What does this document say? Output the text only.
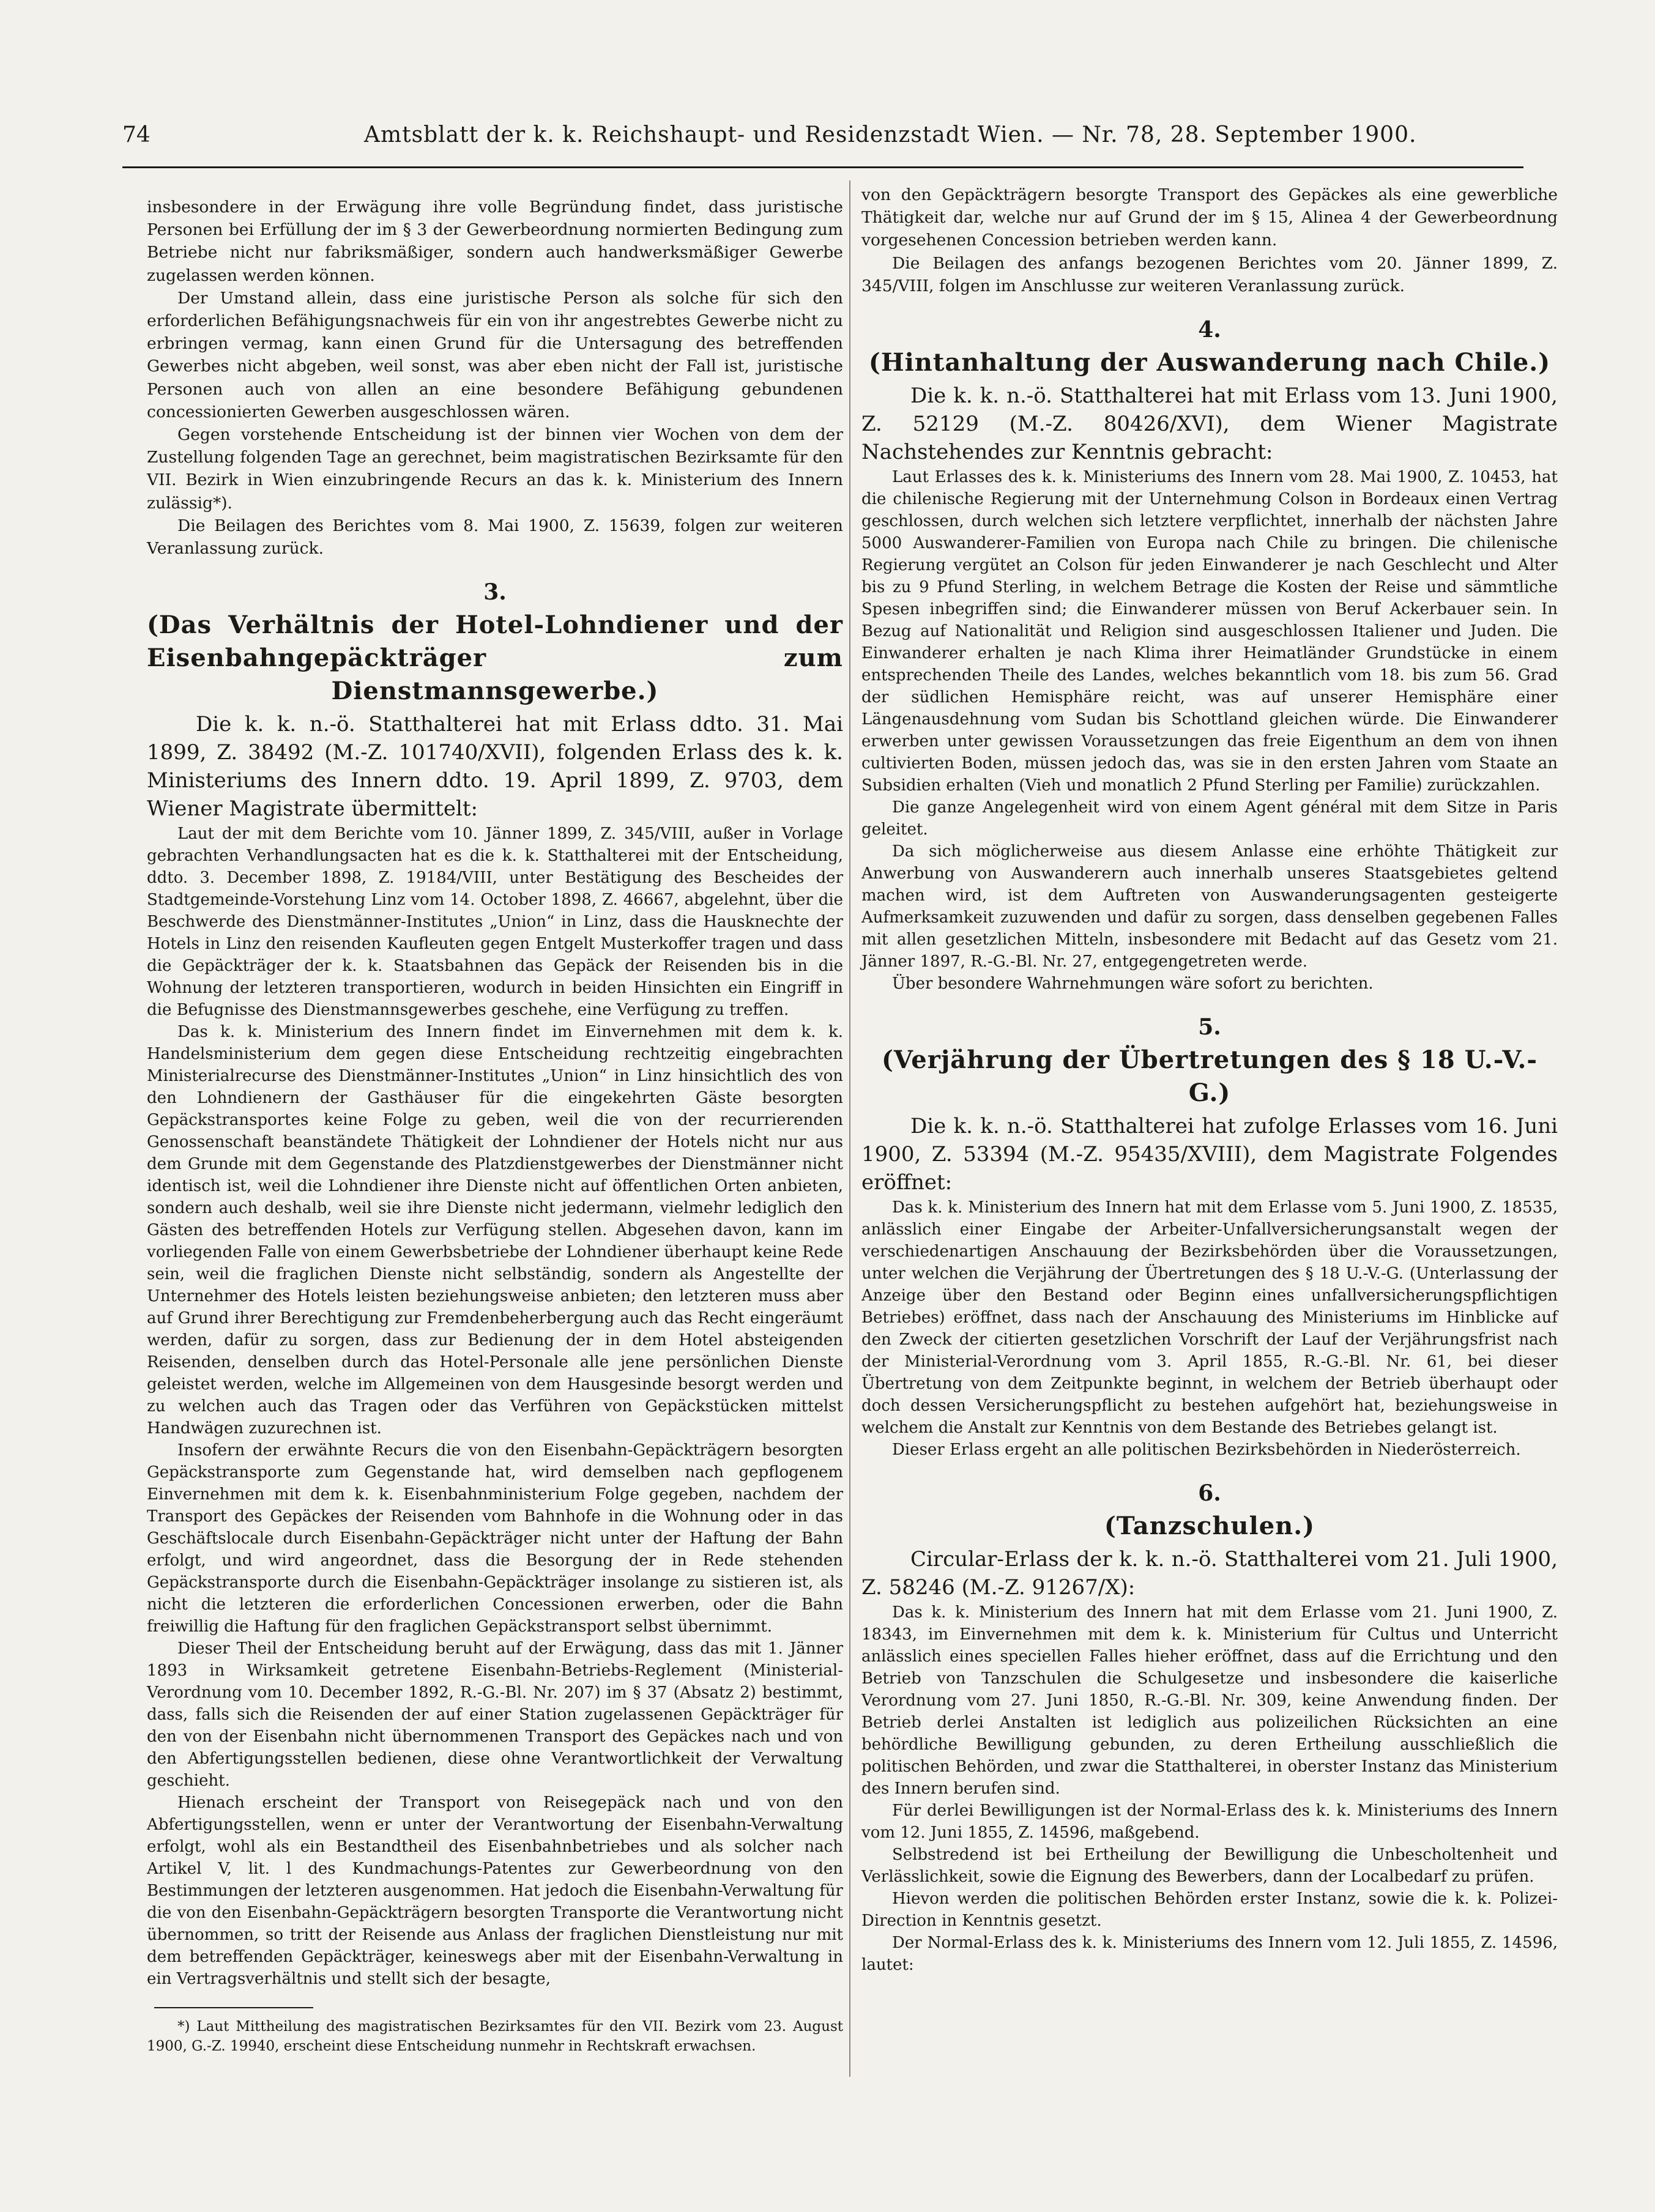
74	Amtsblatt der k. k. Reichshaupt- und Residenzstadt Wien. — Nr. 78, 28. September 1900.

insbesondere in der Erwägung ihre volle Begründung findet, dass juristische Personen bei Erfüllung der im § 3 der Gewerbeordnung normierten Bedingung zum Betriebe nicht nur fabriksmäßiger, sondern auch handwerksmäßiger Gewerbe zugelassen werden können.

Der Umstand allein, dass eine juristische Person als solche für sich den erforderlichen Befähigungsnachweis für ein von ihr angestrebtes Gewerbe nicht zu erbringen vermag, kann einen Grund für die Untersagung des betreffenden Gewerbes nicht abgeben, weil sonst, was aber eben nicht der Fall ist, juristische Personen auch von allen an eine besondere Befähigung gebundenen concessionierten Gewerben ausgeschlossen wären.

Gegen vorstehende Entscheidung ist der binnen vier Wochen von dem der Zustellung folgenden Tage an gerechnet, beim magistratischen Bezirksamte für den VII. Bezirk in Wien einzubringende Recurs an das k. k. Ministerium des Innern zulässig*).

Die Beilagen des Berichtes vom 8. Mai 1900, Z. 15639, folgen zur weiteren Veranlassung zurück.

3.
(Das Verhältnis der Hotel-Lohndiener und der Eisenbahngepäckträger zum Dienstmannsgewerbe.)

Die k. k. n.-ö. Statthalterei hat mit Erlass ddto. 31. Mai 1899, Z. 38492 (M.-Z. 101740/XVII), folgenden Erlass des k. k. Ministeriums des Innern ddto. 19. April 1899, Z. 9703, dem Wiener Magistrate übermittelt:

Laut der mit dem Berichte vom 10. Jänner 1899, Z. 345/VIII, außer in Vorlage gebrachten Verhandlungsacten hat es die k. k. Statthalterei mit der Entscheidung, ddto. 3. December 1898, Z. 19184/VIII, unter Bestätigung des Bescheides der Stadtgemeinde-Vorstehung Linz vom 14. October 1898, Z. 46667, abgelehnt, über die Beschwerde des Dienstmänner-Institutes „Union“ in Linz, dass die Hausknechte der Hotels in Linz den reisenden Kaufleuten gegen Entgelt Musterkoffer tragen und dass die Gepäckträger der k. k. Staatsbahnen das Gepäck der Reisenden bis in die Wohnung der letzteren transportieren, wodurch in beiden Hinsichten ein Eingriff in die Befugnisse des Dienstmannsgewerbes geschehe, eine Verfügung zu treffen.

Das k. k. Ministerium des Innern findet im Einvernehmen mit dem k. k. Handelsministerium dem gegen diese Entscheidung rechtzeitig eingebrachten Ministerialrecurse des Dienstmänner-Institutes „Union“ in Linz hinsichtlich des von den Lohndienern der Gasthäuser für die eingekehrten Gäste besorgten Gepäckstransportes keine Folge zu geben, weil die von der recurrierenden Genossenschaft beanständete Thätigkeit der Lohndiener der Hotels nicht nur aus dem Grunde mit dem Gegenstande des Platzdienstgewerbes der Dienstmänner nicht identisch ist, weil die Lohndiener ihre Dienste nicht auf öffentlichen Orten anbieten, sondern auch deshalb, weil sie ihre Dienste nicht jedermann, vielmehr lediglich den Gästen des betreffenden Hotels zur Verfügung stellen. Abgesehen davon, kann im vorliegenden Falle von einem Gewerbsbetriebe der Lohndiener überhaupt keine Rede sein, weil die fraglichen Dienste nicht selbständig, sondern als Angestellte der Unternehmer des Hotels leisten beziehungsweise anbieten; den letzteren muss aber auf Grund ihrer Berechtigung zur Fremdenbeherbergung auch das Recht eingeräumt werden, dafür zu sorgen, dass zur Bedienung der in dem Hotel absteigenden Reisenden, denselben durch das Hotel-Personale alle jene persönlichen Dienste geleistet werden, welche im Allgemeinen von dem Hausgesinde besorgt werden und zu welchen auch das Tragen oder das Verführen von Gepäckstücken mittelst Handwägen zuzurechnen ist.

Insofern der erwähnte Recurs die von den Eisenbahn-Gepäckträgern besorgten Gepäckstransporte zum Gegenstande hat, wird demselben nach gepflogenem Einvernehmen mit dem k. k. Eisenbahnministerium Folge gegeben, nachdem der Transport des Gepäckes der Reisenden vom Bahnhofe in die Wohnung oder in das Geschäftslocale durch Eisenbahn-Gepäckträger nicht unter der Haftung der Bahn erfolgt, und wird angeordnet, dass die Besorgung der in Rede stehenden Gepäckstransporte durch die Eisenbahn-Gepäckträger insolange zu sistieren ist, als nicht die letzteren die erforderlichen Concessionen erwerben, oder die Bahn freiwillig die Haftung für den fraglichen Gepäckstransport selbst übernimmt.

Dieser Theil der Entscheidung beruht auf der Erwägung, dass das mit 1. Jänner 1893 in Wirksamkeit getretene Eisenbahn-Betriebs-Reglement (Ministerial-Verordnung vom 10. December 1892, R.-G.-Bl. Nr. 207) im § 37 (Absatz 2) bestimmt, dass, falls sich die Reisenden der auf einer Station zugelassenen Gepäckträger für den von der Eisenbahn nicht übernommenen Transport des Gepäckes nach und von den Abfertigungsstellen bedienen, diese ohne Verantwortlichkeit der Verwaltung geschieht.

Hienach erscheint der Transport von Reisegepäck nach und von den Abfertigungsstellen, wenn er unter der Verantwortung der Eisenbahn-Verwaltung erfolgt, wohl als ein Bestandtheil des Eisenbahnbetriebes und als solcher nach Artikel V, lit. l des Kundmachungs-Patentes zur Gewerbeordnung von den Bestimmungen der letzteren ausgenommen. Hat jedoch die Eisenbahn-Verwaltung für die von den Eisenbahn-Gepäckträgern besorgten Transporte die Verantwortung nicht übernommen, so tritt der Reisende aus Anlass der fraglichen Dienstleistung nur mit dem betreffenden Gepäckträger, keineswegs aber mit der Eisenbahn-Verwaltung in ein Vertragsverhältnis und stellt sich der besagte,

*) Laut Mittheilung des magistratischen Bezirksamtes für den VII. Bezirk vom 23. August 1900, G.-Z. 19940, erscheint diese Entscheidung nunmehr in Rechtskraft erwachsen.

von den Gepäckträgern besorgte Transport des Gepäckes als eine gewerbliche Thätigkeit dar, welche nur auf Grund der im § 15, Alinea 4 der Gewerbeordnung vorgesehenen Concession betrieben werden kann.

Die Beilagen des anfangs bezogenen Berichtes vom 20. Jänner 1899, Z. 345/VIII, folgen im Anschlusse zur weiteren Veranlassung zurück.

4.
(Hintanhaltung der Auswanderung nach Chile.)

Die k. k. n.-ö. Statthalterei hat mit Erlass vom 13. Juni 1900, Z. 52129 (M.-Z. 80426/XVI), dem Wiener Magistrate Nachstehendes zur Kenntnis gebracht:

Laut Erlasses des k. k. Ministeriums des Innern vom 28. Mai 1900, Z. 10453, hat die chilenische Regierung mit der Unternehmung Colson in Bordeaux einen Vertrag geschlossen, durch welchen sich letztere verpflichtet, innerhalb der nächsten Jahre 5000 Auswanderer-Familien von Europa nach Chile zu bringen. Die chilenische Regierung vergütet an Colson für jeden Einwanderer je nach Geschlecht und Alter bis zu 9 Pfund Sterling, in welchem Betrage die Kosten der Reise und sämmtliche Spesen inbegriffen sind; die Einwanderer müssen von Beruf Ackerbauer sein. In Bezug auf Nationalität und Religion sind ausgeschlossen Italiener und Juden. Die Einwanderer erhalten je nach Klima ihrer Heimatländer Grundstücke in einem entsprechenden Theile des Landes, welches bekanntlich vom 18. bis zum 56. Grad der südlichen Hemisphäre reicht, was auf unserer Hemisphäre einer Längenausdehnung vom Sudan bis Schottland gleichen würde. Die Einwanderer erwerben unter gewissen Voraussetzungen das freie Eigenthum an dem von ihnen cultivierten Boden, müssen jedoch das, was sie in den ersten Jahren vom Staate an Subsidien erhalten (Vieh und monatlich 2 Pfund Sterling per Familie) zurückzahlen.

Die ganze Angelegenheit wird von einem Agent général mit dem Sitze in Paris geleitet.

Da sich möglicherweise aus diesem Anlasse eine erhöhte Thätigkeit zur Anwerbung von Auswanderern auch innerhalb unseres Staatsgebietes geltend machen wird, ist dem Auftreten von Auswanderungsagenten gesteigerte Aufmerksamkeit zuzuwenden und dafür zu sorgen, dass denselben gegebenen Falles mit allen gesetzlichen Mitteln, insbesondere mit Bedacht auf das Gesetz vom 21. Jänner 1897, R.-G.-Bl. Nr. 27, entgegengetreten werde.

Über besondere Wahrnehmungen wäre sofort zu berichten.

5.
(Verjährung der Übertretungen des § 18 U.-V.-G.)

Die k. k. n.-ö. Statthalterei hat zufolge Erlasses vom 16. Juni 1900, Z. 53394 (M.-Z. 95435/XVIII), dem Magistrate Folgendes eröffnet:

Das k. k. Ministerium des Innern hat mit dem Erlasse vom 5. Juni 1900, Z. 18535, anlässlich einer Eingabe der Arbeiter-Unfallversicherungsanstalt wegen der verschiedenartigen Anschauung der Bezirksbehörden über die Voraussetzungen, unter welchen die Verjährung der Übertretungen des § 18 U.-V.-G. (Unterlassung der Anzeige über den Bestand oder Beginn eines unfallversicherungspflichtigen Betriebes) eröffnet, dass nach der Anschauung des Ministeriums im Hinblicke auf den Zweck der citierten gesetzlichen Vorschrift der Lauf der Verjährungsfrist nach der Ministerial-Verordnung vom 3. April 1855, R.-G.-Bl. Nr. 61, bei dieser Übertretung von dem Zeitpunkte beginnt, in welchem der Betrieb überhaupt oder doch dessen Versicherungspflicht zu bestehen aufgehört hat, beziehungsweise in welchem die Anstalt zur Kenntnis von dem Bestande des Betriebes gelangt ist.

Dieser Erlass ergeht an alle politischen Bezirksbehörden in Niederösterreich.

6.
(Tanzschulen.)

Circular-Erlass der k. k. n.-ö. Statthalterei vom 21. Juli 1900, Z. 58246 (M.-Z. 91267/X):

Das k. k. Ministerium des Innern hat mit dem Erlasse vom 21. Juni 1900, Z. 18343, im Einvernehmen mit dem k. k. Ministerium für Cultus und Unterricht anlässlich eines speciellen Falles hieher eröffnet, dass auf die Errichtung und den Betrieb von Tanzschulen die Schulgesetze und insbesondere die kaiserliche Verordnung vom 27. Juni 1850, R.-G.-Bl. Nr. 309, keine Anwendung finden. Der Betrieb derlei Anstalten ist lediglich aus polizeilichen Rücksichten an eine behördliche Bewilligung gebunden, zu deren Ertheilung ausschließlich die politischen Behörden, und zwar die Statthalterei, in oberster Instanz das Ministerium des Innern berufen sind.

Für derlei Bewilligungen ist der Normal-Erlass des k. k. Ministeriums des Innern vom 12. Juni 1855, Z. 14596, maßgebend.

Selbstredend ist bei Ertheilung der Bewilligung die Unbescholtenheit und Verlässlichkeit, sowie die Eignung des Bewerbers, dann der Localbedarf zu prüfen.

Hievon werden die politischen Behörden erster Instanz, sowie die k. k. Polizei-Direction in Kenntnis gesetzt.

Der Normal-Erlass des k. k. Ministeriums des Innern vom 12. Juli 1855, Z. 14596, lautet:
